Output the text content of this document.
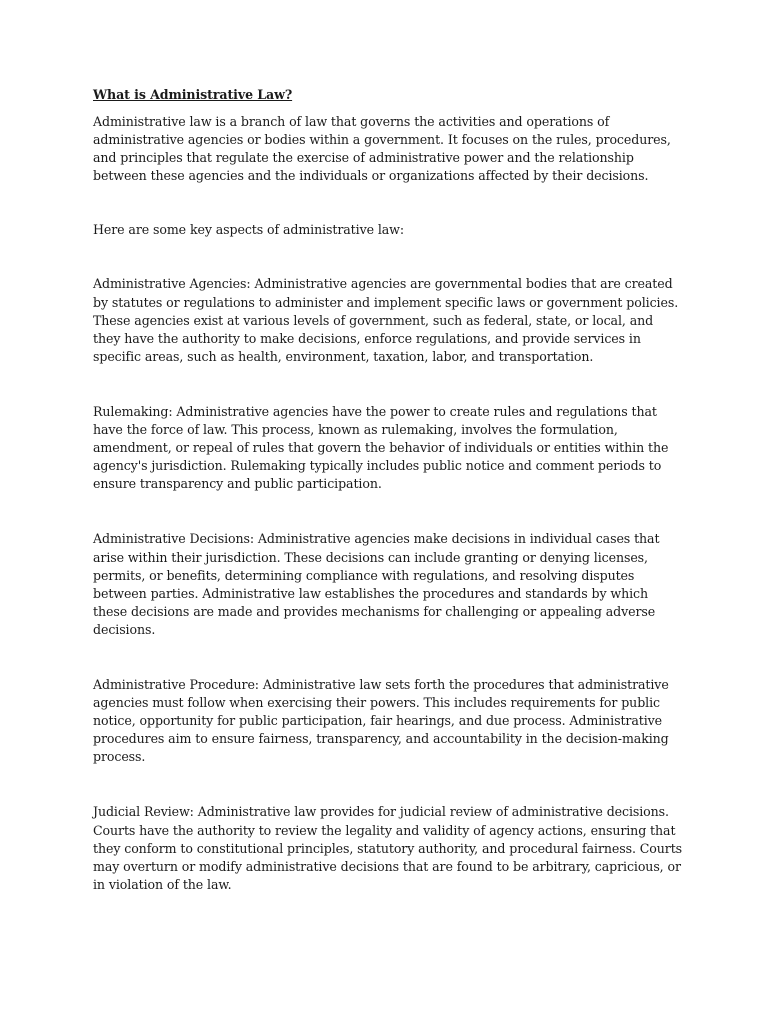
What is Administrative Law?

Administrative law is a branch of law that governs the activities and operations of administrative agencies or bodies within a government. It focuses on the rules, procedures, and principles that regulate the exercise of administrative power and the relationship between these agencies and the individuals or organizations affected by their decisions.

Here are some key aspects of administrative law:

Administrative Agencies: Administrative agencies are governmental bodies that are created by statutes or regulations to administer and implement specific laws or government policies. These agencies exist at various levels of government, such as federal, state, or local, and they have the authority to make decisions, enforce regulations, and provide services in specific areas, such as health, environment, taxation, labor, and transportation.

Rulemaking: Administrative agencies have the power to create rules and regulations that have the force of law. This process, known as rulemaking, involves the formulation, amendment, or repeal of rules that govern the behavior of individuals or entities within the agency's jurisdiction. Rulemaking typically includes public notice and comment periods to ensure transparency and public participation.

Administrative Decisions: Administrative agencies make decisions in individual cases that arise within their jurisdiction. These decisions can include granting or denying licenses, permits, or benefits, determining compliance with regulations, and resolving disputes between parties. Administrative law establishes the procedures and standards by which these decisions are made and provides mechanisms for challenging or appealing adverse decisions.

Administrative Procedure: Administrative law sets forth the procedures that administrative agencies must follow when exercising their powers. This includes requirements for public notice, opportunity for public participation, fair hearings, and due process. Administrative procedures aim to ensure fairness, transparency, and accountability in the decision-making process.

Judicial Review: Administrative law provides for judicial review of administrative decisions. Courts have the authority to review the legality and validity of agency actions, ensuring that they conform to constitutional principles, statutory authority, and procedural fairness. Courts may overturn or modify administrative decisions that are found to be arbitrary, capricious, or in violation of the law.
